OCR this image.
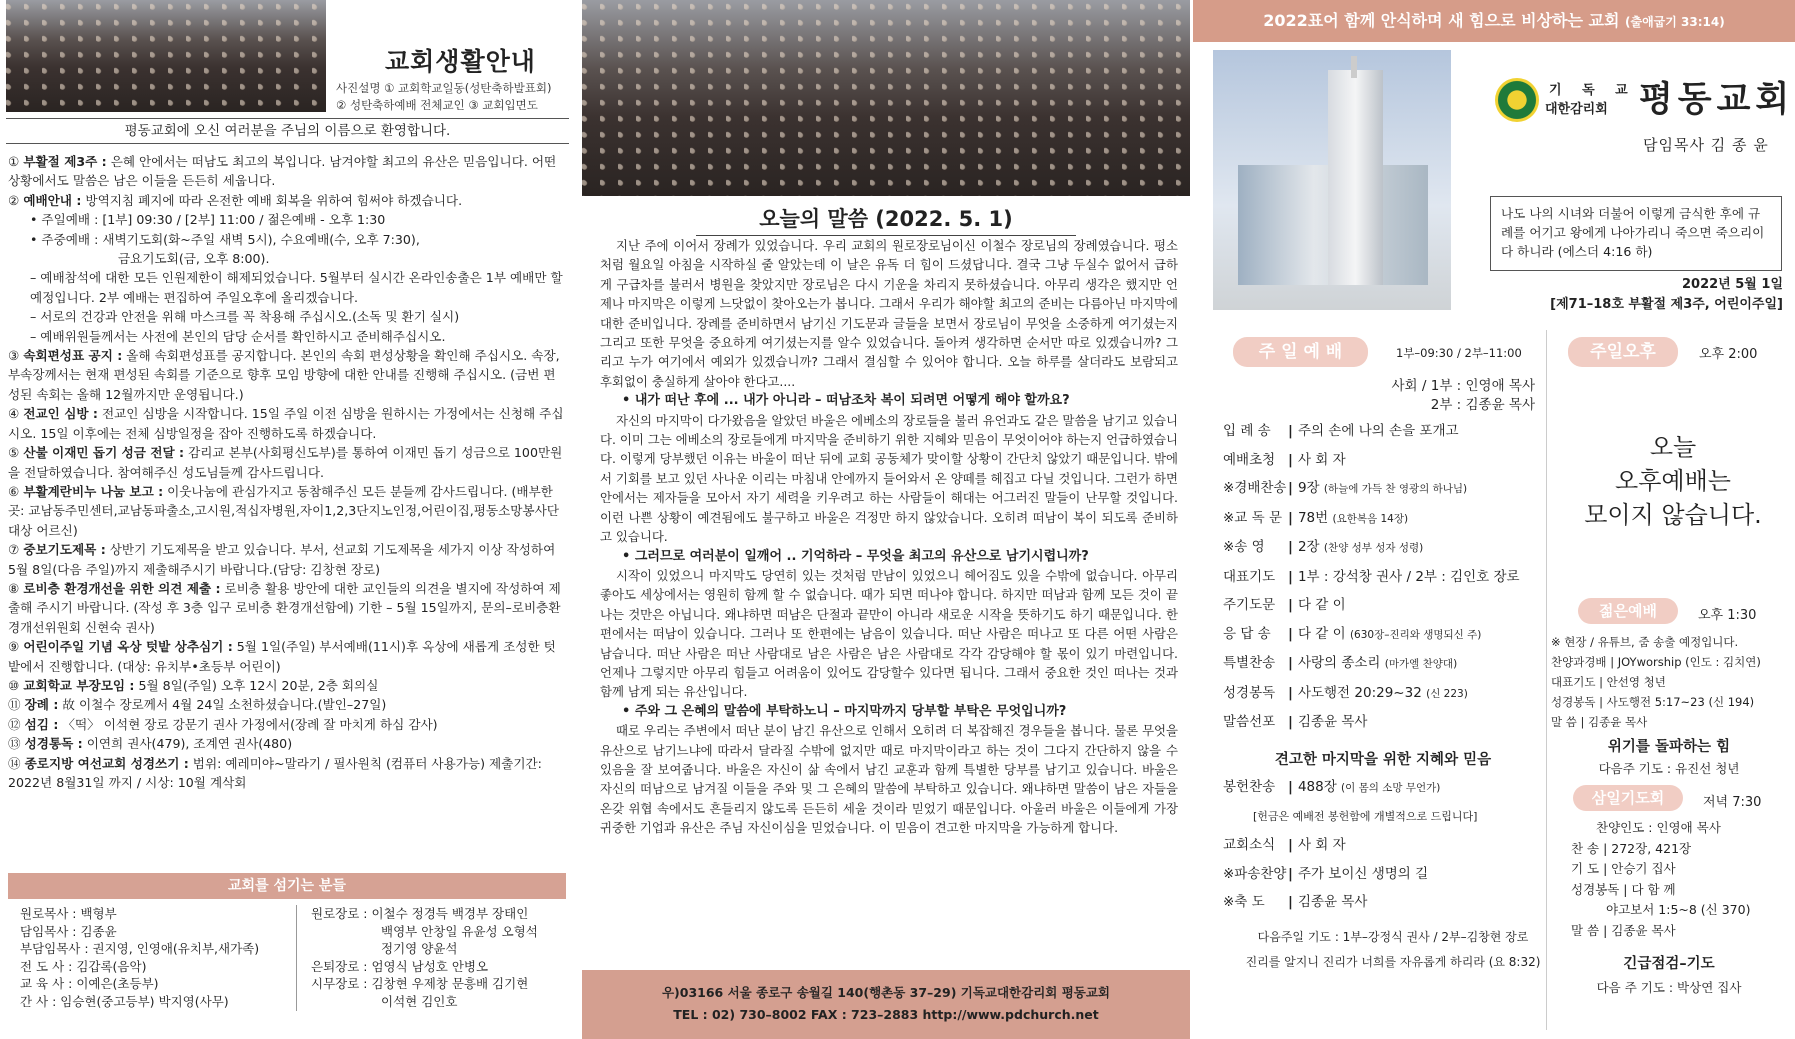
교회생활안내
사진설명 ① 교회학교일동(성탄축하발표회)
② 성탄축하예배 전체교인 ③ 교회입면도
평동교회에 오신 여러분을 주님의 이름으로 환영합니다.

① 부활절 제3주 : 은혜 안에서는 떠남도 최고의 복입니다. 남겨야할 최고의 유산은 믿음입니다. 어떤 상황에서도 말씀은 남은 이들을 든든히 세웁니다.

② 예배안내 : 방역지침 폐지에 따라 온전한 예배 회복을 위하여 힘써야 하겠습니다.

• 주일예배 : [1부] 09:30 / [2부] 11:00 / 젊은예배 - 오후 1:30

• 주중예배 : 새벽기도회(화~주일 새벽 5시), 수요예배(수, 오후 7:30),

금요기도회(금, 오후 8:00).

– 예배참석에 대한 모든 인원제한이 해제되었습니다. 5월부터 실시간 온라인송출은 1부 예배만 할 예정입니다. 2부 예배는 편집하여 주일오후에 올리겠습니다.

– 서로의 건강과 안전을 위해 마스크를 꼭 착용해 주십시오.(소독 및 환기 실시)

– 예배위원들께서는 사전에 본인의 담당 순서를 확인하시고 준비해주십시오.

③ 속회편성표 공지 : 올해 속회편성표를 공지합니다. 본인의 속회 편성상황을 확인해 주십시오. 속장,부속장께서는 현재 편성된 속회를 기준으로 향후 모임 방향에 대한 안내를 진행해 주십시오. (금번 편성된 속회는 올해 12월까지만 운영됩니다.)

④ 전교인 심방 : 전교인 심방을 시작합니다. 15일 주일 이전 심방을 원하시는 가정에서는 신청해 주십시오. 15일 이후에는 전체 심방일정을 잡아 진행하도록 하겠습니다.

⑤ 산불 이재민 돕기 성금 전달 : 감리교 본부(사회평신도부)를 통하여 이재민 돕기 성금으로 100만원을 전달하였습니다. 참여해주신 성도님들께 감사드립니다.

⑥ 부활계란비누 나눔 보고 : 이웃나눔에 관심가지고 동참해주신 모든 분들께 감사드립니다. (배부한 곳: 교남동주민센터,교남동파출소,고시원,적십자병원,자이1,2,3단지노인정,어린이집,평동소망봉사단 대상 어르신)

⑦ 중보기도제목 : 상반기 기도제목을 받고 있습니다. 부서, 선교회 기도제목을 세가지 이상 작성하여 5월 8일(다음 주일)까지 제출해주시기 바랍니다.(담당: 김창현 장로)

⑧ 로비층 환경개선을 위한 의견 제출 : 로비층 활용 방안에 대한 교인들의 의견을 별지에 작성하여 제출해 주시기 바랍니다. (작성 후 3층 입구 로비층 환경개선함에) 기한 – 5월 15일까지, 문의–로비층환경개선위원회 신현숙 권사)

⑨ 어린이주일 기념 옥상 텃밭 상추심기 : 5월 1일(주일) 부서예배(11시)후 옥상에 새롭게 조성한 텃밭에서 진행합니다. (대상: 유치부•초등부 어린이)

⑩ 교회학교 부장모임 : 5월 8일(주일) 오후 12시 20분, 2층 회의실

⑪ 장례 : 故 이철수 장로께서 4월 24일 소천하셨습니다.(발인–27일)

⑫ 섬김 : 〈떡〉 이석현 장로 강문기 권사 가정에서(장례 잘 마치게 하심 감사)

⑬ 성경통독 : 이연희 권사(479), 조계연 권사(480)

⑭ 종로지방 여선교회 성경쓰기 : 범위: 예레미야~말라기 / 필사원칙 (컴퓨터 사용가능) 제출기간: 2022년 8월31일 까지 / 시상: 10월 계삭회

교회를 섬기는 분들
원로목사 : 백형부
담임목사 : 김종윤
부담임목사 : 권지영, 인영애(유치부,새가족)
전 도 사 : 김갑록(음악)
교 육 사 : 이예은(초등부)
간 사 : 임승현(중고등부) 박지영(사무)
원로장로 : 이철수 정경득 백경부 장태인
백영부 안창일 유윤성 오형석
정기영 양윤석
은퇴장로 : 엄영식 남성호 안병오
시무장로 : 김창현 우제창 문흥배 김기현
이석현 김인호
오늘의 말씀 (2022. 5. 1)

지난 주에 이어서 장례가 있었습니다. 우리 교회의 원로장로님이신 이철수 장로님의 장례였습니다. 평소처럼 월요일 아침을 시작하실 줄 알았는데 이 날은 유독 더 힘이 드셨답니다. 결국 그냥 두실수 없어서 급하게 구급차를 불러서 병원을 찾았지만 장로님은 다시 기운을 차리지 못하셨습니다. 아무리 생각은 했지만 언제나 마지막은 이렇게 느닷없이 찾아오는가 봅니다. 그래서 우리가 해야할 최고의 준비는 다름아닌 마지막에 대한 준비입니다. 장례를 준비하면서 남기신 기도문과 글들을 보면서 장로님이 무엇을 소중하게 여기셨는지 그리고 또한 무엇을 중요하게 여기셨는지를 알수 있었습니다. 돌아켜 생각하면 순서만 따로 있겠습니까? 그리고 누가 여기에서 예외가 있겠습니까? 그래서 결심할 수 있어야 합니다. 오늘 하루를 살더라도 보람되고 후회없이 충실하게 살아야 한다고....

• 내가 떠난 후에 ... 내가 아니라 – 떠남조차 복이 되려면 어떻게 해야 할까요?

자신의 마지막이 다가왔음을 알았던 바울은 에베소의 장로들을 불러 유언과도 같은 말씀을 남기고 있습니다. 이미 그는 에베소의 장로들에게 마지막을 준비하기 위한 지혜와 믿음이 무엇이어야 하는지 언급하였습니다. 이렇게 당부했던 이유는 바울이 떠난 뒤에 교회 공동체가 맞이할 상황이 간단치 않았기 때문입니다. 밖에서 기회를 보고 있던 사나운 이리는 마침내 안에까지 들어와서 온 양떼를 헤집고 다닐 것입니다. 그런가 하면 안에서는 제자들을 모아서 자기 세력을 키우려고 하는 사람들이 해대는 어그러진 말들이 난무할 것입니다. 이런 나쁜 상황이 예견됨에도 불구하고 바울은 걱정만 하지 않았습니다. 오히려 떠남이 복이 되도록 준비하고 있습니다.

• 그러므로 여러분이 일깨어 .. 기억하라 – 무엇을 최고의 유산으로 남기시렵니까?

시작이 있었으니 마지막도 당연히 있는 것처럼 만남이 있었으니 헤어짐도 있을 수밖에 없습니다. 아무리 좋아도 세상에서는 영원히 함께 할 수 없습니다. 때가 되면 떠나야 합니다. 하지만 떠남과 함께 모든 것이 끝나는 것만은 아닙니다. 왜냐하면 떠남은 단절과 끝만이 아니라 새로운 시작을 뜻하기도 하기 때문입니다. 한편에서는 떠남이 있습니다. 그러나 또 한편에는 남음이 있습니다. 떠난 사람은 떠나고 또 다른 어떤 사람은 남습니다. 떠난 사람은 떠난 사람대로 남은 사람은 남은 사람대로 각각 감당해야 할 몫이 있기 마련입니다. 언제나 그렇지만 아무리 힘들고 어려움이 있어도 감당할수 있다면 됩니다. 그래서 중요한 것인 떠나는 것과 함께 남게 되는 유산입니다.

• 주와 그 은혜의 말씀에 부탁하노니 – 마지막까지 당부할 부탁은 무엇입니까?

때로 우리는 주변에서 떠난 분이 남긴 유산으로 인해서 오히려 더 복잡해진 경우들을 봅니다. 물론 무엇을 유산으로 남기느냐에 따라서 달라질 수밖에 없지만 때로 마지막이라고 하는 것이 그다지 간단하지 않을 수 있음을 잘 보여줍니다. 바울은 자신이 삶 속에서 남긴 교훈과 함께 특별한 당부를 남기고 있습니다. 바울은 자신의 떠남으로 남겨질 이들을 주와 및 그 은혜의 말씀에 부탁하고 있습니다. 왜냐하면 말씀이 남은 자들을 온갖 위협 속에서도 흔들리지 않도록 든든히 세울 것이라 믿었기 때문입니다. 아울러 바울은 이들에게 가장 귀중한 기업과 유산은 주님 자신이심을 믿었습니다. 이 믿음이 견고한 마지막을 가능하게 합니다.

우)03166 서울 종로구 송월길 140(행촌동 37–29) 기독교대한감리회 평동교회
TEL : 02) 730–8002 FAX : 723–2883 http://www.pdchurch.net
2022표어 함께 안식하며 새 힘으로 비상하는 교회 (출애굽기 33:14)
기 독 교
대한감리회 평동교회
담임목사 김 종 윤
나도 나의 시녀와 더불어 이렇게 금식한 후에 규례를 어기고 왕에게 나아가리니 죽으면 죽으리이다 하니라 (에스더 4:16 하)
2022년 5월 1일
[제71–18호 부활절 제3주, 어린이주일]
주 일 예 배	1부–09:30 / 2부–11:00
사회 / 1부 : 인영애 목사
2부 : 김종윤 목사
입 례 송 | 주의 손에 나의 손을 포개고
예배초청 | 사 회 자
※경배찬송 | 9장 (하늘에 가득 찬 영광의 하나님)
※교 독 문 | 78번 (요한복음 14장)
※송 영 | 2장 (찬양 성부 성자 성령)
대표기도 | 1부 : 강석창 권사 / 2부 : 김인호 장로
주기도문 | 다 같 이
응 답 송 | 다 같 이 (630장–진리와 생명되신 주)
특별찬송 | 사랑의 종소리 (마가엘 찬양대)
성경봉독 | 사도행전 20:29~32 (신 223)
말씀선포 | 김종윤 목사
견고한 마지막을 위한 지혜와 믿음
봉헌찬송 | 488장 (이 몸의 소망 무언가)
[헌금은 예배전 봉헌함에 개별적으로 드립니다]
교회소식 | 사 회 자
※파송찬양 | 주가 보이신 생명의 길
※축 도 | 김종윤 목사
다음주일 기도 : 1부–강정식 권사 / 2부–김창현 장로
진리를 알지니 진리가 너희를 자유롭게 하리라 (요 8:32)
주일오후	오후 2:00
오늘
오후예배는
모이지 않습니다.
젊은예배	오후 1:30
※ 현장 / 유튜브, 줌 송출 예정입니다.
찬양과경배 | JOYworship (인도 : 김치연)
대표기도 | 안선영 청년
성경봉독 | 사도행전 5:17~23 (신 194)
말 씀 | 김종윤 목사
위기를 돌파하는 힘
다음주 기도 : 유진선 청년
삼일기도회	저녁 7:30
찬양인도 : 인영애 목사
찬 송 | 272장, 421장
기 도 | 안승기 집사
성경봉독 | 다 함 께
야고보서 1:5~8 (신 370)
말 씀 | 김종윤 목사
긴급점검–기도
다음 주 기도 : 박상연 집사
